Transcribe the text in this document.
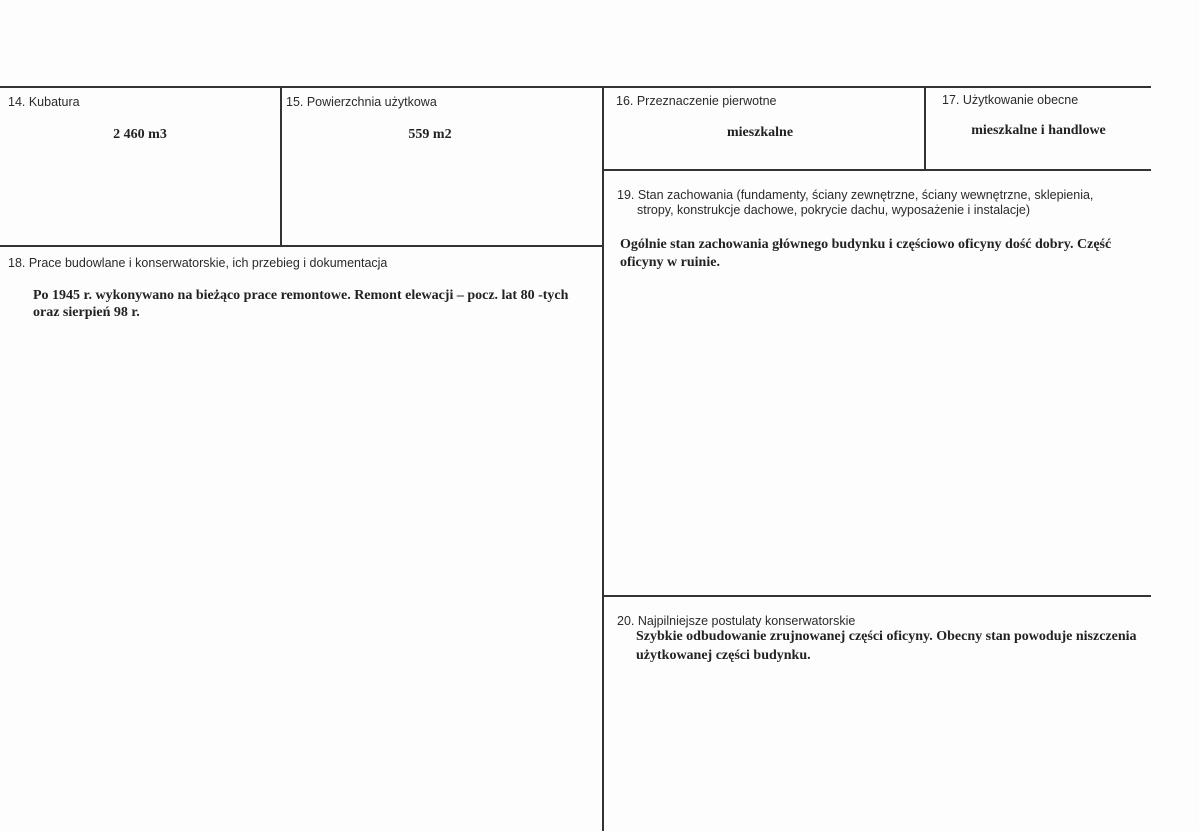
14. Kubatura
2 460 m3
15. Powierzchnia użytkowa
559 m2
16. Przeznaczenie pierwotne
mieszkalne
17. Użytkowanie obecne
mieszkalne i handlowe
18. Prace budowlane i konserwatorskie, ich przebieg i dokumentacja
Po 1945 r. wykonywano na bieżąco prace remontowe. Remont elewacji – pocz. lat 80 -tych
oraz sierpień 98 r.
19. Stan zachowania (fundamenty, ściany zewnętrzne, ściany wewnętrzne, sklepienia,
stropy, konstrukcje dachowe, pokrycie dachu, wyposażenie i instalacje)
Ogólnie stan zachowania głównego budynku i częściowo oficyny dość dobry. Część
oficyny w ruinie.
20. Najpilniejsze postulaty konserwatorskie
Szybkie odbudowanie zrujnowanej części oficyny. Obecny stan powoduje niszczenia
użytkowanej części budynku.
